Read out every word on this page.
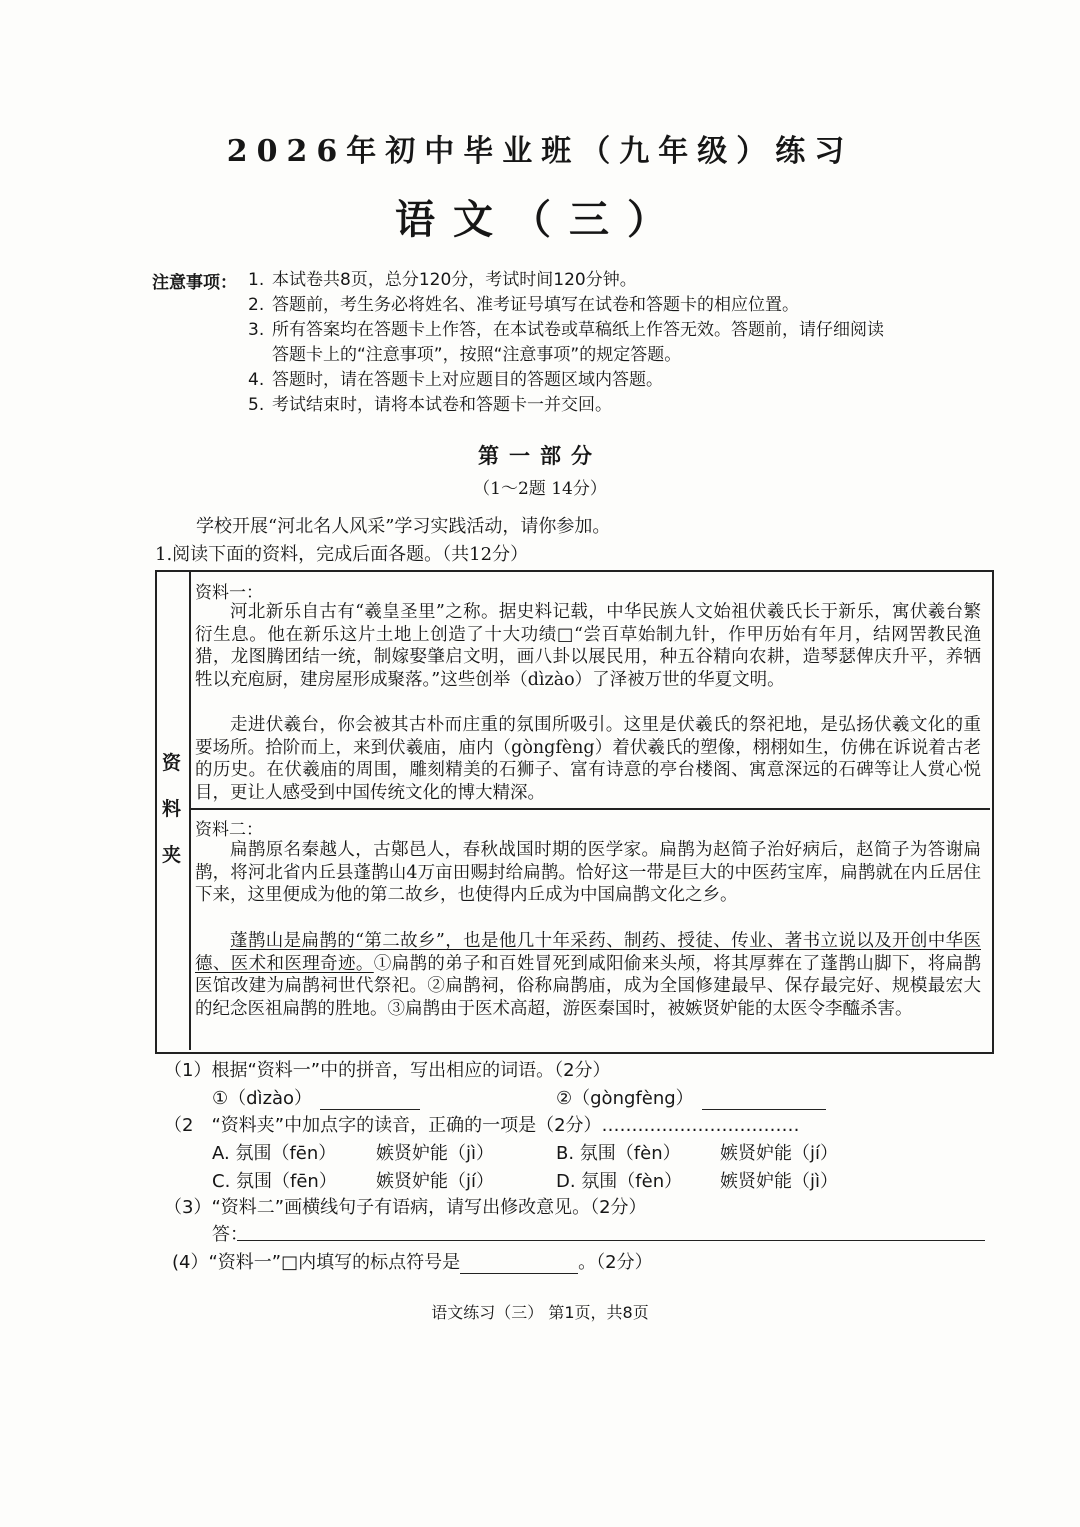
2026年初中毕业班（九年级）练习
语文（三）
注意事项： 1. 本试卷共8页，总分120分，考试时间120分钟。
2. 答题前，考生务必将姓名、准考证号填写在试卷和答题卡的相应位置。
3. 所有答案均在答题卡上作答，在本试卷或草稿纸上作答无效。答题前，请仔细阅读
答题卡上的“注意事项”，按照“注意事项”的规定答题。
4. 答题时，请在答题卡上对应题目的答题区域内答题。
5. 考试结束时，请将本试卷和答题卡一并交回。
第一部分
（1～2题 14分）
学校开展“河北名人风采”学习实践活动，请你参加。
1.阅读下面的资料，完成后面各题。（共12分）
资
料
夹
资料一：
河北新乐自古有“羲皇圣里”之称。据史料记载，中华民族人文始祖伏羲氏长于新乐，寓伏羲台繁衍生息。他在新乐这片土地上创造了十大功绩□“尝百草始制九针，作甲历始有年月，结网罟教民渔猎，龙图腾团结一统，制嫁娶肇启文明，画八卦以展民用，种五谷精向农耕，造琴瑟俾庆升平，养牺牲以充庖厨，建房屋形成聚落。”这些创举（dìzào）了泽被万世的华夏文明。
走进伏羲台，你会被其古朴而庄重的氛围所吸引。这里是伏羲氏的祭祀地，是弘扬伏羲文化的重要场所。拾阶而上，来到伏羲庙，庙内（gòngfèng）着伏羲氏的塑像，栩栩如生，仿佛在诉说着古老的历史。在伏羲庙的周围，雕刻精美的石狮子、富有诗意的亭台楼阁、寓意深远的石碑等让人赏心悦目，更让人感受到中国传统文化的博大精深。
资料二：
扁鹊原名秦越人，古鄚邑人，春秋战国时期的医学家。扁鹊为赵简子治好病后，赵简子为答谢扁鹊，将河北省内丘县蓬鹊山4万亩田赐封给扁鹊。恰好这一带是巨大的中医药宝库，扁鹊就在内丘居住下来，这里便成为他的第二故乡，也使得内丘成为中国扁鹊文化之乡。
蓬鹊山是扁鹊的“第二故乡”，也是他几十年采药、制药、授徒、传业、著书立说以及开创中华医德、医术和医理奇迹。①扁鹊的弟子和百姓冒死到咸阳偷来头颅，将其厚葬在了蓬鹊山脚下，将扁鹊医馆改建为扁鹊祠世代祭祀。②扁鹊祠，俗称扁鹊庙，成为全国修建最早、保存最完好、规模最宏大的纪念医祖扁鹊的胜地。③扁鹊由于医术高超，游医秦国时，被嫉贤妒能的太医令李醯杀害。
（1）根据“资料一”中的拼音，写出相应的词语。（2分）
①（dìzào）	②（gòngfèng）
（2　“资料夹”中加点字的读音，正确的一项是（2分）……………………………
A. 氛围（fēn） 嫉贤妒能（jì）	B. 氛围（fèn） 嫉贤妒能（jí）
C. 氛围（fēn） 嫉贤妒能（jí）	D. 氛围（fèn） 嫉贤妒能（jì）
（3）“资料二”画横线句子有语病，请写出修改意见。（2分）
答：
(4）“资料一”□内填写的标点符号是	。（2分）
语文练习（三） 第1页，共8页
